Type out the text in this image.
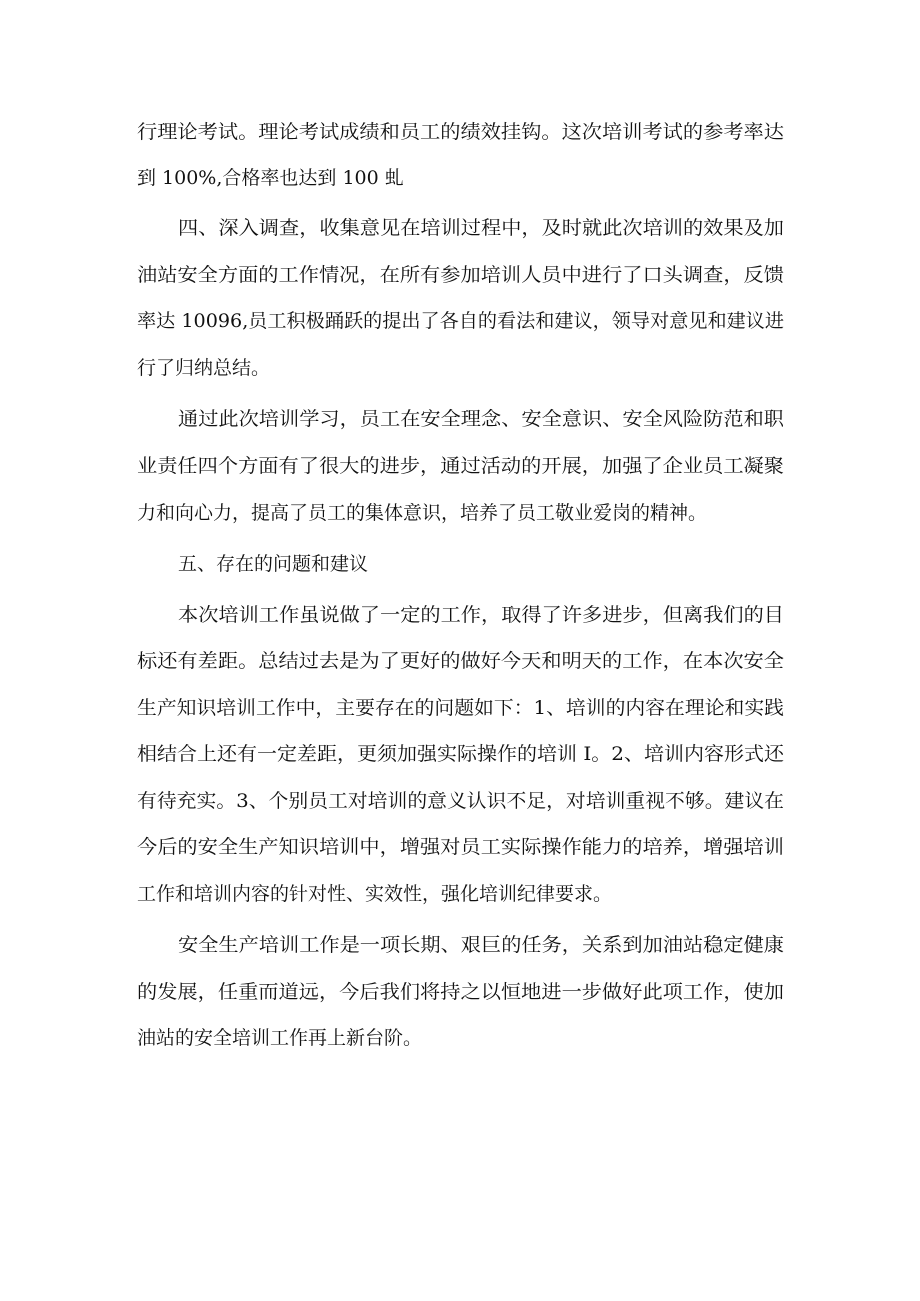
行理论考试。理论考试成绩和员工的绩效挂钩。这次培训考试的参考率达
到 100%,合格率也达到 100 虬
四、深入调查，收集意见在培训过程中，及时就此次培训的效果及加
油站安全方面的工作情况，在所有参加培训人员中进行了口头调查，反馈
率达 10096,员工积极踊跃的提出了各自的看法和建议，领导对意见和建议进
行了归纳总结。
通过此次培训学习，员工在安全理念、安全意识、安全风险防范和职
业责任四个方面有了很大的进步，通过活动的开展，加强了企业员工凝聚
力和向心力，提高了员工的集体意识，培养了员工敬业爱岗的精神。
五、存在的问题和建议
本次培训工作虽说做了一定的工作，取得了许多进步，但离我们的目
标还有差距。总结过去是为了更好的做好今天和明天的工作，在本次安全
生产知识培训工作中，主要存在的问题如下：1、培训的内容在理论和实践
相结合上还有一定差距，更须加强实际操作的培训 I。2、培训内容形式还
有待充实。3、个别员工对培训的意义认识不足，对培训重视不够。建议在
今后的安全生产知识培训中，增强对员工实际操作能力的培养，增强培训
工作和培训内容的针对性、实效性，强化培训纪律要求。
安全生产培训工作是一项长期、艰巨的任务，关系到加油站稳定健康
的发展，任重而道远，今后我们将持之以恒地进一步做好此项工作，使加
油站的安全培训工作再上新台阶。
